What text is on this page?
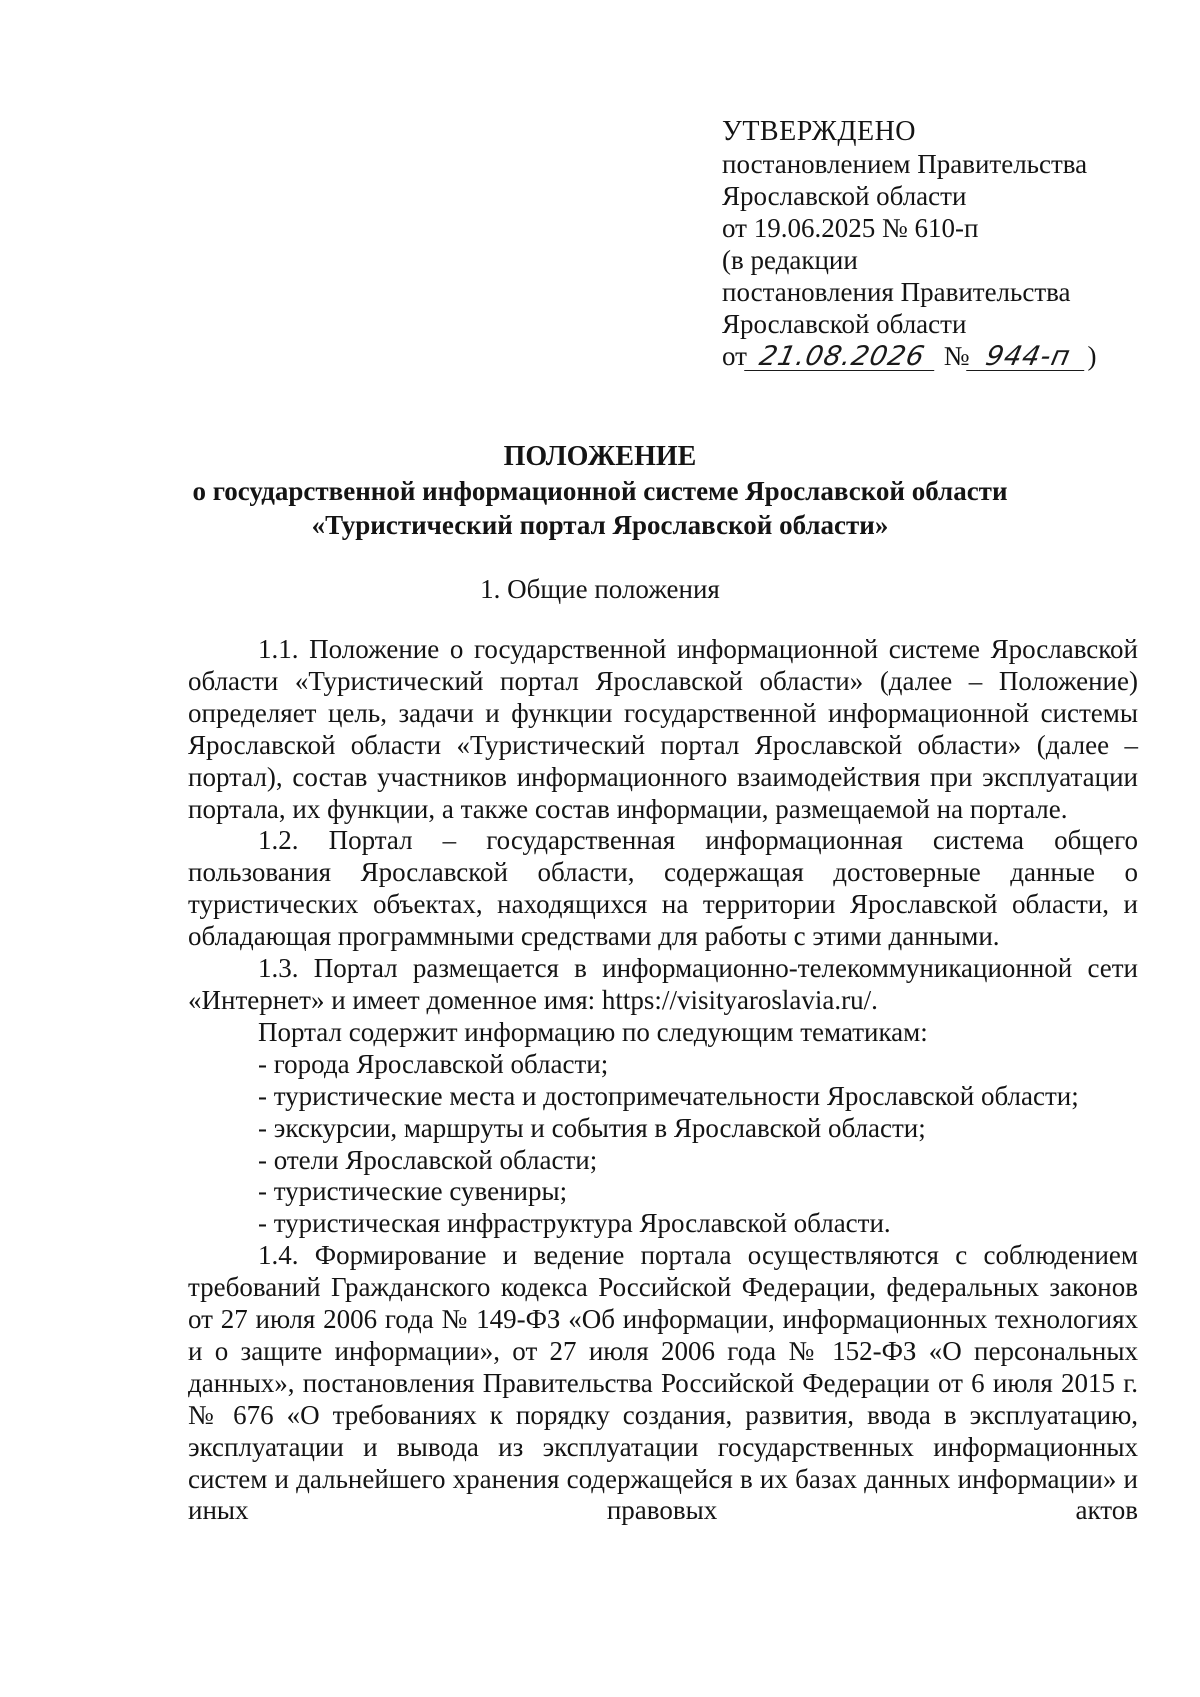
УТВЕРЖДЕНО
постановлением Правительства
Ярославской области
от 19.06.2025 № 610-п
(в редакции
постановления Правительства
Ярославской области
от 21.08.2026 № 944-п )
ПОЛОЖЕНИЕ
о государственной информационной системе Ярославской области
«Туристический портал Ярославской области»
1. Общие положения

1.1. Положение о государственной информационной системе Ярославской области «Туристический портал Ярославской области» (далее – Положение) определяет цель, задачи и функции государственной информационной системы Ярославской области «Туристический портал Ярославской области» (далее – портал), состав участников информационного взаимодействия при эксплуатации портала, их функции, а также состав информации, размещаемой на портале.

1.2. Портал – государственная информационная система общего пользования Ярославской области, содержащая достоверные данные о туристических объектах, находящихся на территории Ярославской области, и обладающая программными средствами для работы с этими данными.

1.3. Портал размещается в информационно-телекоммуникационной сети «Интернет» и имеет доменное имя: https://visityaroslavia.ru/.

Портал содержит информацию по следующим тематикам:

- города Ярославской области;

- туристические места и достопримечательности Ярославской области;

- экскурсии, маршруты и события в Ярославской области;

- отели Ярославской области;

- туристические сувениры;

- туристическая инфраструктура Ярославской области.

1.4. Формирование и ведение портала осуществляются с соблюдением требований Гражданского кодекса Российской Федерации, федеральных законов от 27 июля 2006 года № 149-ФЗ «Об информации, информационных технологиях и о защите информации», от 27 июля 2006 года № 152-ФЗ «О персональных данных», постановления Правительства Российской Федерации от 6 июля 2015 г. № 676 «О требованиях к порядку создания, развития, ввода в эксплуатацию, эксплуатации и вывода из эксплуатации государственных информационных систем и дальнейшего хранения содержащейся в их базах данных информации» и иных правовых актов
